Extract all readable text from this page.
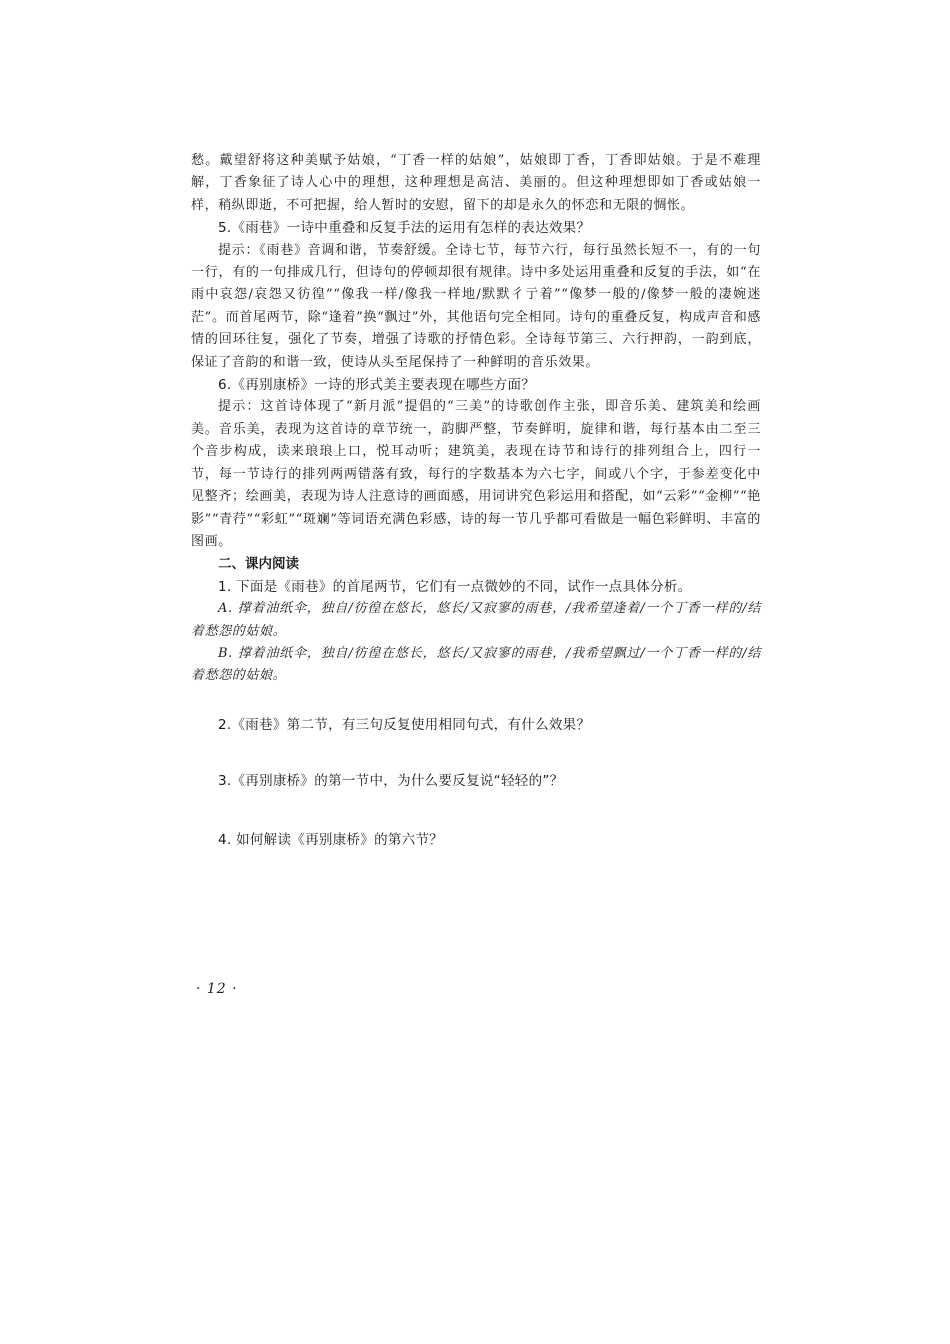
愁。戴望舒将这种美赋予姑娘，“丁香一样的姑娘”，姑娘即丁香，丁香即姑娘。于是不难理解，丁香象征了诗人心中的理想，这种理想是高洁、美丽的。但这种理想即如丁香或姑娘一样，稍纵即逝，不可把握，给人暂时的安慰，留下的却是永久的怀恋和无限的惆怅。

5.《雨巷》一诗中重叠和反复手法的运用有怎样的表达效果？

提示：《雨巷》音调和谐，节奏舒缓。全诗七节，每节六行，每行虽然长短不一，有的一句一行，有的一句排成几行，但诗句的停顿却很有规律。诗中多处运用重叠和反复的手法，如“在雨中哀怨/哀怨又彷徨”“像我一样/像我一样地/默默彳亍着”“像梦一般的/像梦一般的凄婉迷茫”。而首尾两节，除“逢着”换“飘过”外，其他语句完全相同。诗句的重叠反复，构成声音和感情的回环往复，强化了节奏，增强了诗歌的抒情色彩。全诗每节第三、六行押韵，一韵到底，保证了音韵的和谐一致，使诗从头至尾保持了一种鲜明的音乐效果。

6.《再别康桥》一诗的形式美主要表现在哪些方面？

提示：这首诗体现了“新月派”提倡的“三美”的诗歌创作主张，即音乐美、建筑美和绘画美。音乐美，表现为这首诗的章节统一，韵脚严整，节奏鲜明，旋律和谐，每行基本由二至三个音步构成，读来琅琅上口，悦耳动听；建筑美，表现在诗节和诗行的排列组合上，四行一节，每一节诗行的排列两两错落有致，每行的字数基本为六七字，间或八个字，于参差变化中见整齐；绘画美，表现为诗人注意诗的画面感，用词讲究色彩运用和搭配，如“云彩”“金柳”“艳影”“青荇”“彩虹”“斑斓”等词语充满色彩感，诗的每一节几乎都可看做是一幅色彩鲜明、丰富的图画。

二、课内阅读

1. 下面是《雨巷》的首尾两节，它们有一点微妙的不同，试作一点具体分析。

A. 撑着油纸伞，独自/彷徨在悠长，悠长/又寂寥的雨巷，/我希望逢着/一个丁香一样的/结着愁怨的姑娘。

B. 撑着油纸伞，独自/彷徨在悠长，悠长/又寂寥的雨巷，/我希望飘过/一个丁香一样的/结着愁怨的姑娘。

2.《雨巷》第二节，有三句反复使用相同句式，有什么效果？

3.《再别康桥》的第一节中，为什么要反复说“轻轻的”？

4. 如何解读《再别康桥》的第六节？

· 12 ·
